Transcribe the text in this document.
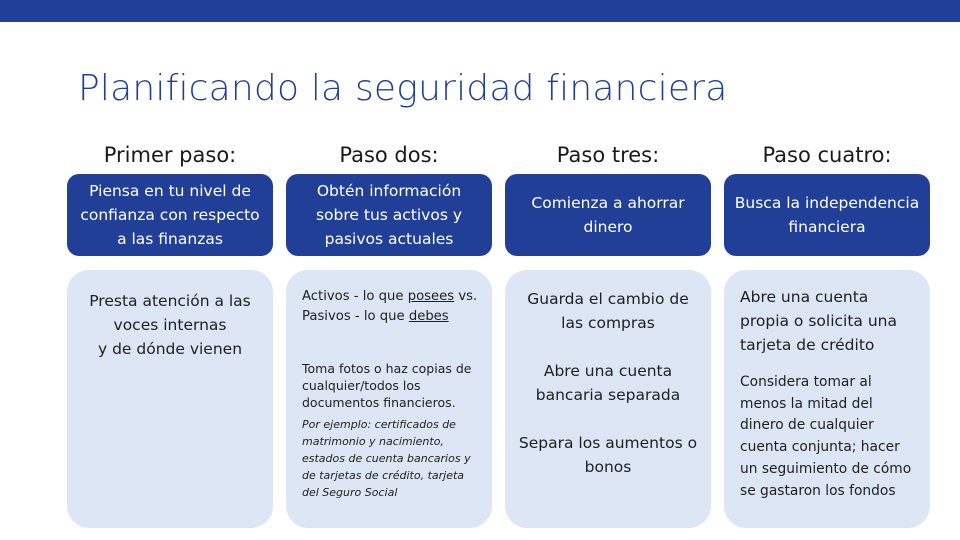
Planificando la seguridad financiera
Primer paso:
Piensa en tu nivel de confianza con respecto a las finanzas
Presta atención a las voces internas
y de dónde vienen
Paso dos:
Obtén información sobre tus activos y pasivos actuales
Activos - lo que posees vs. Pasivos - lo que debes
Toma fotos o haz copias de cualquier/todos los documentos financieros.
Por ejemplo: certificados de matrimonio y nacimiento, estados de cuenta bancarios y de tarjetas de crédito, tarjeta del Seguro Social
Paso tres:
Comienza a ahorrar dinero
Guarda el cambio de las compras
Abre una cuenta bancaria separada
Separa los aumentos o bonos
Paso cuatro:
Busca la independencia financiera
Abre una cuenta propia o solicita una tarjeta de crédito
Considera tomar al menos la mitad del dinero de cualquier cuenta conjunta; hacer un seguimiento de cómo se gastaron los fondos
